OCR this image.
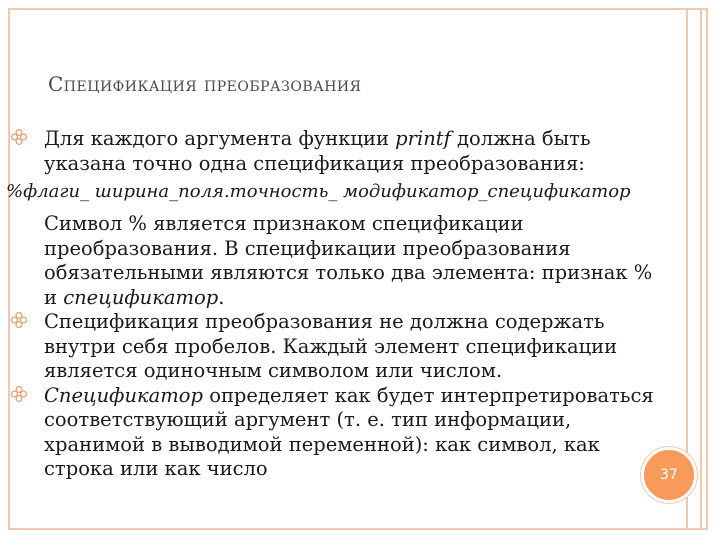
Спецификация преобразования
Для каждого аргумента функции printf должна быть
указана точно одна спецификация преобразования:
%флаги_ ширина_поля.точность_ модификатор_спецификатор
Символ % является признаком спецификации
преобразования. В спецификации преобразования
обязательными являются только два элемента: признак %
и спецификатор.
Спецификация преобразования не должна содержать
внутри себя пробелов. Каждый элемент спецификации
является одиночным символом или числом.
Спецификатор определяет как будет интерпретироваться
соответствующий аргумент (т. е. тип информации,
хранимой в выводимой переменной): как символ, как
строка или как число	37
